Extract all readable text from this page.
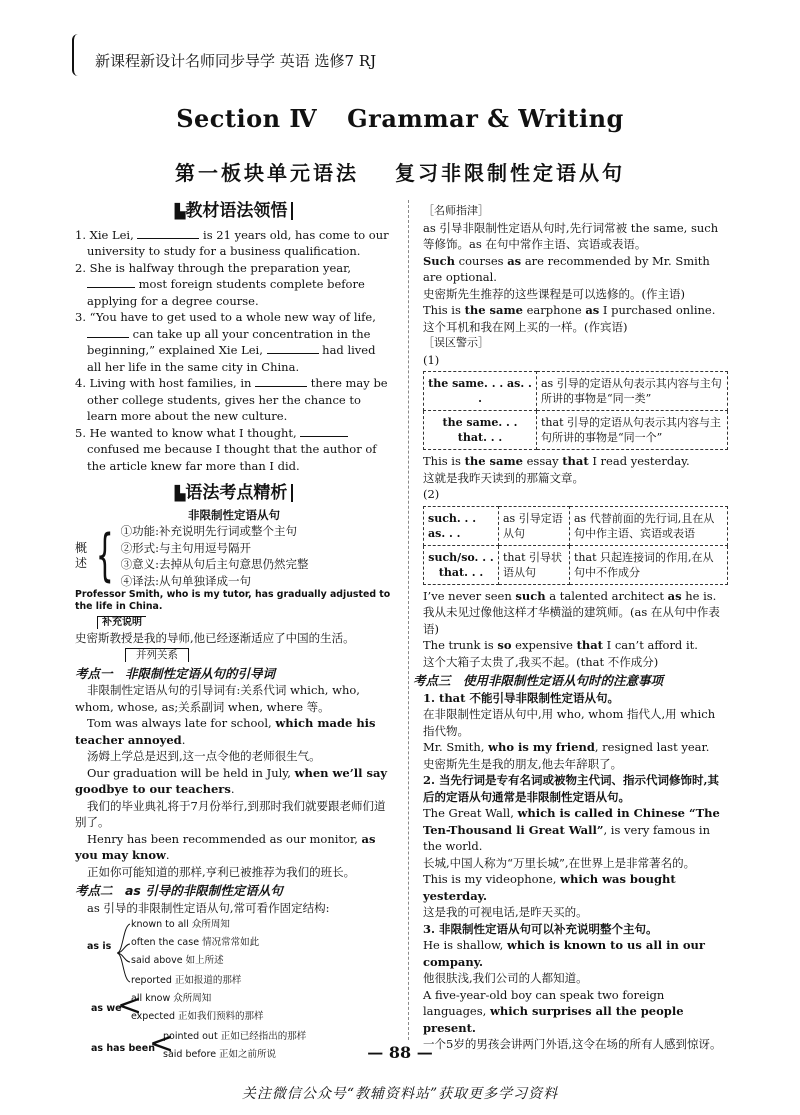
新课程新设计名师同步导学 英语 选修7 RJ
Section Ⅳ Grammar & Writing
第一板块单元语法 复习非限制性定语从句
▙教材语法领悟
1. Xie Lei,	is 21 years old, has come to our university to study for a business qualification.
2. She is halfway through the preparation year,  most foreign students complete before applying for a degree course.
3. “You have to get used to a whole new way of life,  can take up all your concentration in the beginning,” explained Xie Lei,	had lived all her life in the same city in China.
4. Living with host families, in	there may be other college students, gives her the chance to learn more about the new culture.
5. He wanted to know what I thought,  confused me because I thought that the author of the article knew far more than I did.
▙语法考点精析
非限制性定语从句
概述 { ①功能:补充说明先行词或整个主句
②形式:与主句用逗号隔开
③意义:去掉从句后主句意思仍然完整
④译法:从句单独译成一句
Professor Smith, who is my tutor, has gradually adjusted to the life in China.
补充说明
史密斯教授是我的导师,他已经逐渐适应了中国的生活。
并列关系
考点一　非限制性定语从句的引导词
非限制性定语从句的引导词有:关系代词 which, who, whom, whose, as;关系副词 when, where 等。
Tom was always late for school, which made his teacher annoyed.
汤姆上学总是迟到,这一点令他的老师很生气。
Our graduation will be held in July, when we’ll say goodbye to our teachers.
我们的毕业典礼将于7月份举行,到那时我们就要跟老师们道别了。
Henry has been recommended as our monitor, as you may know.
正如你可能知道的那样,亨利已被推荐为我们的班长。
考点二　as 引导的非限制性定语从句
as 引导的非限制性定语从句,常可看作固定结构:
as is
known to all 众所周知
often the case 情况常常如此
said above 如上所述
reported 正如报道的那样
as we
<
all know 众所周知
expected 正如我们预料的那样
as has been
<
pointed out 正如已经指出的那样
said before 正如之前所说
［名师指津］
as 引导非限制性定语从句时,先行词常被 the same, such 等修饰。as 在句中常作主语、宾语或表语。
Such courses as are recommended by Mr. Smith are optional.
史密斯先生推荐的这些课程是可以选修的。(作主语)
This is the same earphone as I purchased online.
这个耳机和我在网上买的一样。(作宾语)
［误区警示］
(1)
the same. . . as. . .	as 引导的定语从句表示其内容与主句所讲的事物是“同一类”
the same. . . that. . .	that 引导的定语从句表示其内容与主句所讲的事物是“同一个”
This is the same essay that I read yesterday.
这就是我昨天读到的那篇文章。
(2)
such. . . as. . .	as 引导定语从句	as 代替前面的先行词,且在从句中作主语、宾语或表语
such/so. . . that. . .	that 引导状语从句	that 只起连接词的作用,在从句中不作成分
I’ve never seen such a talented architect as he is.
我从未见过像他这样才华横溢的建筑师。(as 在从句中作表语)
The trunk is so expensive that I can’t afford it.
这个大箱子太贵了,我买不起。(that 不作成分)
考点三　使用非限制性定语从句时的注意事项
1. that 不能引导非限制性定语从句。
在非限制性定语从句中,用 who, whom 指代人,用 which 指代物。
Mr. Smith, who is my friend, resigned last year.
史密斯先生是我的朋友,他去年辞职了。
2. 当先行词是专有名词或被物主代词、指示代词修饰时,其后的定语从句通常是非限制性定语从句。
The Great Wall, which is called in Chinese “The Ten-Thousand li Great Wall”, is very famous in the world.
长城,中国人称为“万里长城”,在世界上是非常著名的。
This is my videophone, which was bought yesterday.
这是我的可视电话,是昨天买的。
3. 非限制性定语从句可以补充说明整个主句。
He is shallow, which is known to us all in our company.
他很肤浅,我们公司的人都知道。
A five-year-old boy can speak two foreign languages, which surprises all the people present.
一个5岁的男孩会讲两门外语,这令在场的所有人感到惊讶。
— 88 —
关注微信公众号“教辅资料站”获取更多学习资料
